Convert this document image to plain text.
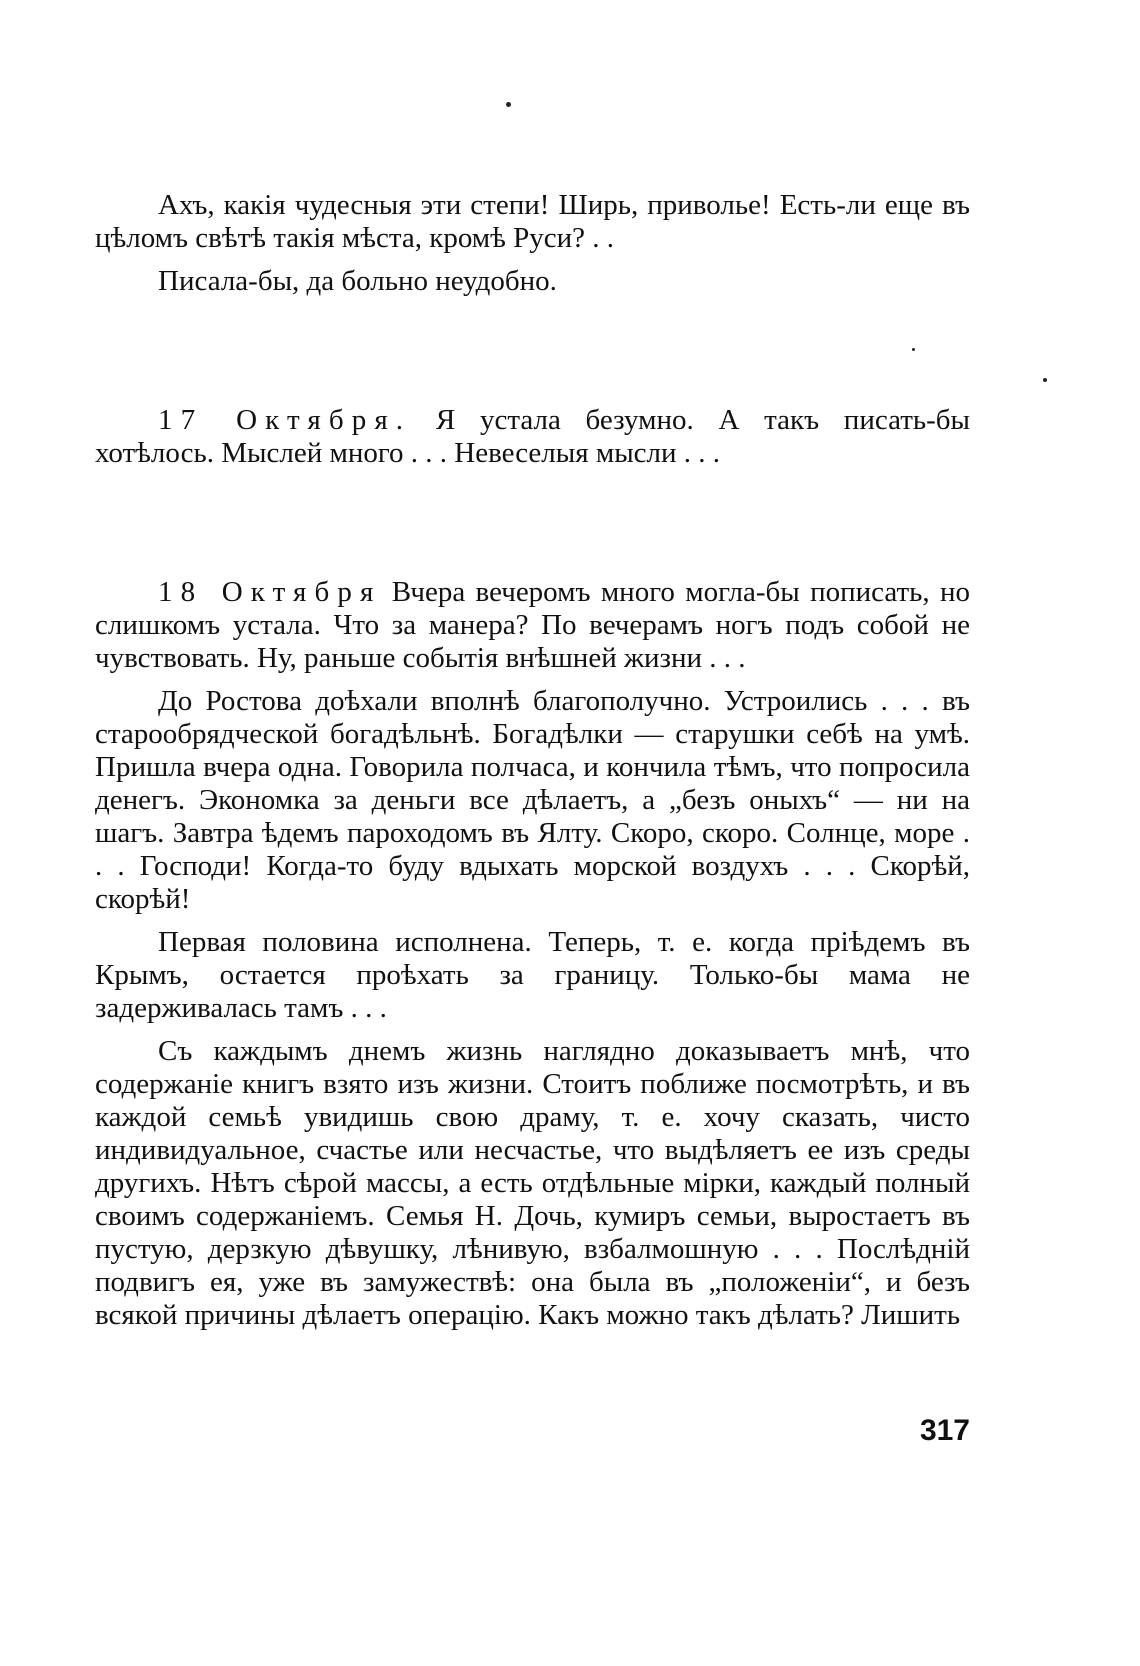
Ахъ, какія чудесныя эти степи! Ширь, приволье! Есть-ли еще въ цѣломъ свѣтѣ такія мѣста, кромѣ Руси? . .

Писала-бы, да больно неудобно.

17 Октября. Я устала безумно. А такъ писать-бы хотѣлось. Мыслей много . . . Невеселыя мысли . . .

18 Октября Вчера вечеромъ много могла-бы пописать, но слишкомъ устала. Что за манера? По вечерамъ ногъ подъ собой не чувствовать. Ну, раньше событія внѣшней жизни . . .

До Ростова доѣхали вполнѣ благополучно. Устроились . . . въ старообрядческой богадѣльнѣ. Богадѣлки — старушки себѣ на умѣ. Пришла вчера одна. Говорила полчаса, и кончила тѣмъ, что попросила денегъ. Экономка за деньги все дѣлаетъ, а „безъ оныхъ“ — ни на шагъ. Завтра ѣдемъ пароходомъ въ Ялту. Скоро, скоро. Солнце, море . . . Господи! Когда-то буду вдыхать морской воздухъ . . . Скорѣй, скорѣй!

Первая половина исполнена. Теперь, т. е. когда пріѣдемъ въ Крымъ, остается проѣхать за границу. Только-бы мама не задерживалась тамъ . . .

Съ каждымъ днемъ жизнь наглядно доказываетъ мнѣ, что содержаніе книгъ взято изъ жизни. Стоитъ поближе посмотрѣть, и въ каждой семьѣ увидишь свою драму, т. е. хочу сказать, чисто индивидуальное, счастье или несчастье, что выдѣляетъ ее изъ среды другихъ. Нѣтъ сѣрой массы, а есть отдѣльные мірки, каждый полный своимъ содержаніемъ. Семья Н. Дочь, кумиръ семьи, выростаетъ въ пустую, дерзкую дѣвушку, лѣнивую, взбалмошную . . . Послѣдній подвигъ ея, уже въ замужествѣ: она была въ „положеніи“, и безъ всякой причины дѣлаетъ операцію. Какъ можно такъ дѣлать? Лишить

317
